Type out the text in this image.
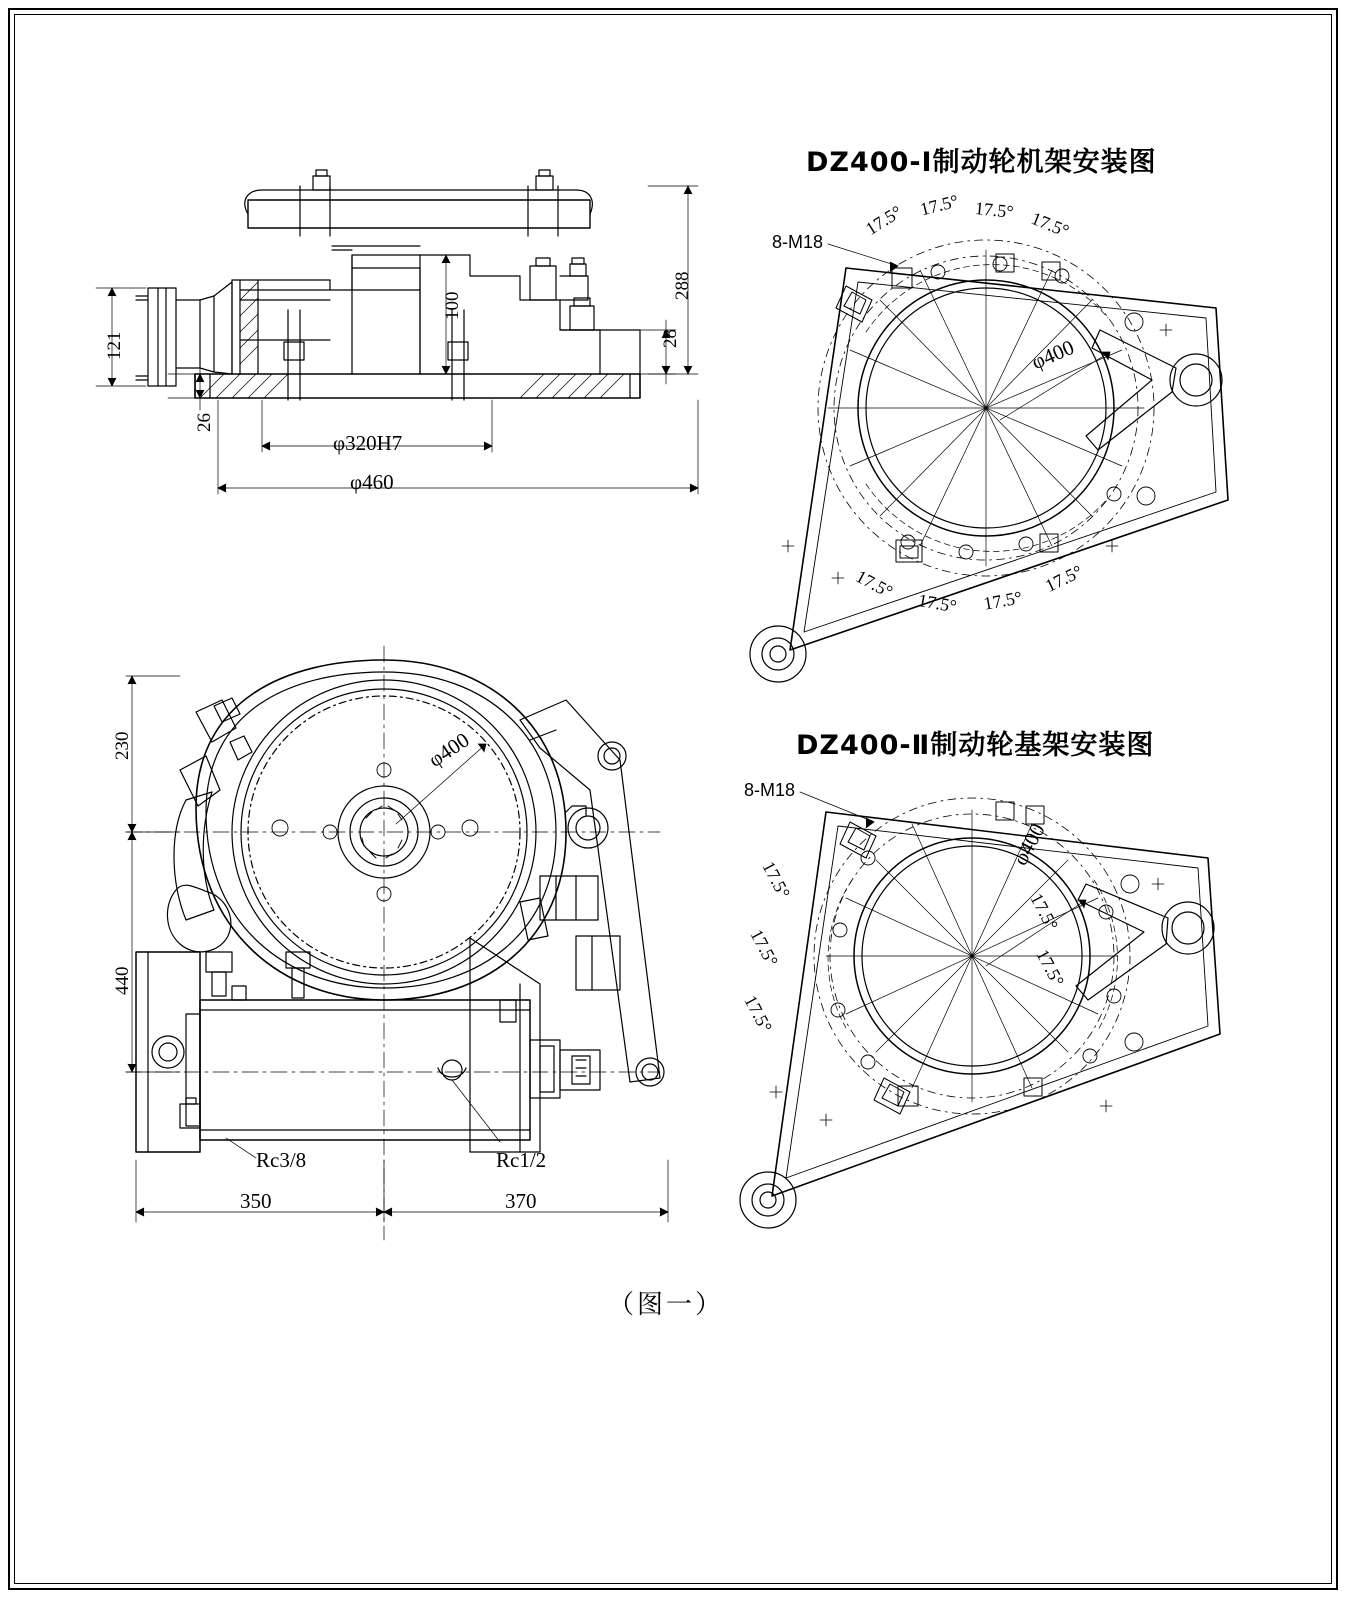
DZ400-Ⅰ制动轮机架安装图
DZ400-Ⅱ制动轮基架安装图
288
28
100
121
26
φ320H7
φ460
230
440
350	370
φ400
Rc3/8	Rc1/2
8-M18
φ400
17.5° 17.5° 17.5° 17.5°
17.5°
17.5° 17.5°
17.5°
8-M18
φ400
17.5°
17.5°
17.5°
17.5°
17.5°
（图一）
